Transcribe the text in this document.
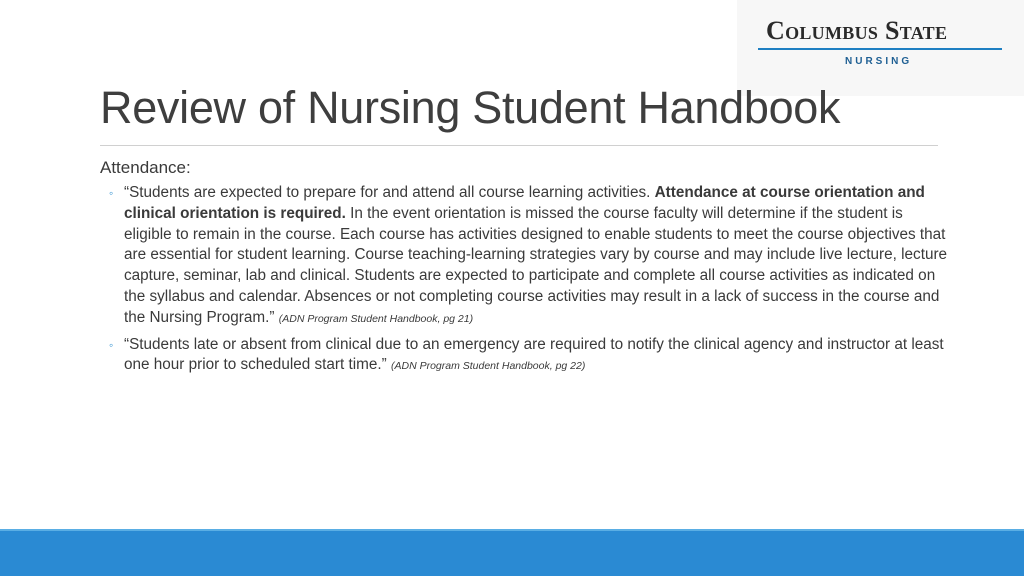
Columbus State
NURSING
Review of Nursing Student Handbook
Attendance:
◦ “Students are expected to prepare for and attend all course learning activities. Attendance at course orientation and clinical orientation is required. In the event orientation is missed the course faculty will determine if the student is eligible to remain in the course. Each course has activities designed to enable students to meet the course objectives that are essential for student learning. Course teaching-learning strategies vary by course and may include live lecture, lecture capture, seminar, lab and clinical. Students are expected to participate and complete all course activities as indicated on the syllabus and calendar. Absences or not completing course activities may result in a lack of success in the course and the Nursing Program.” (ADN Program Student Handbook, pg 21)
◦ “Students late or absent from clinical due to an emergency are required to notify the clinical agency and instructor at least one hour prior to scheduled start time.” (ADN Program Student Handbook, pg 22)
